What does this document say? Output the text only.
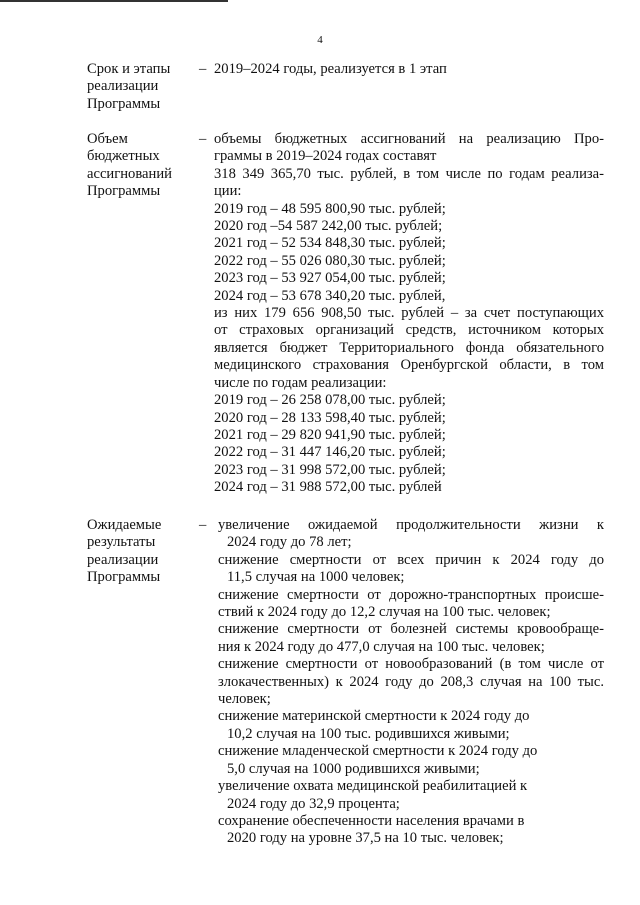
4
Срок и этапы
реализации
Программы
– 2019–2024 годы, реализуется в 1 этап
Объем
бюджетных
ассигнований
Программы
– объемы бюджетных ассигнований на реализацию Про-
граммы в 2019–2024 годах составят
318 349 365,70 тыс. рублей, в том числе по годам реализа-
ции:
2019 год – 48 595 800,90 тыс. рублей;
2020 год –54 587 242,00 тыс. рублей;
2021 год – 52 534 848,30 тыс. рублей;
2022 год – 55 026 080,30 тыс. рублей;
2023 год – 53 927 054,00 тыс. рублей;
2024 год – 53 678 340,20 тыс. рублей,
из них 179 656 908,50 тыс. рублей – за счет поступающих
от страховых организаций средств, источником которых
является бюджет Территориального фонда обязательного
медицинского страхования Оренбургской области, в том
числе по годам реализации:
2019 год – 26 258 078,00 тыс. рублей;
2020 год – 28 133 598,40 тыс. рублей;
2021 год – 29 820 941,90 тыс. рублей;
2022 год – 31 447 146,20 тыс. рублей;
2023 год – 31 998 572,00 тыс. рублей;
2024 год – 31 988 572,00 тыс. рублей
Ожидаемые
результаты
реализации
Программы
– увеличение ожидаемой продолжительности жизни к
2024 году до 78 лет;
снижение смертности от всех причин к 2024 году до
11,5 случая на 1000 человек;
снижение смертности от дорожно-транспортных происше-
ствий к 2024 году до 12,2 случая на 100 тыс. человек;
снижение смертности от болезней системы кровообраще-
ния к 2024 году до 477,0 случая на 100 тыс. человек;
снижение смертности от новообразований (в том числе от
злокачественных) к 2024 году до 208,3 случая на 100 тыс.
человек;
снижение материнской смертности к 2024 году до
10,2 случая на 100 тыс. родившихся живыми;
снижение младенческой смертности к 2024 году до
5,0 случая на 1000 родившихся живыми;
увеличение охвата медицинской реабилитацией к
2024 году до 32,9 процента;
сохранение обеспеченности населения врачами в
2020 году на уровне 37,5 на 10 тыс. человек;
